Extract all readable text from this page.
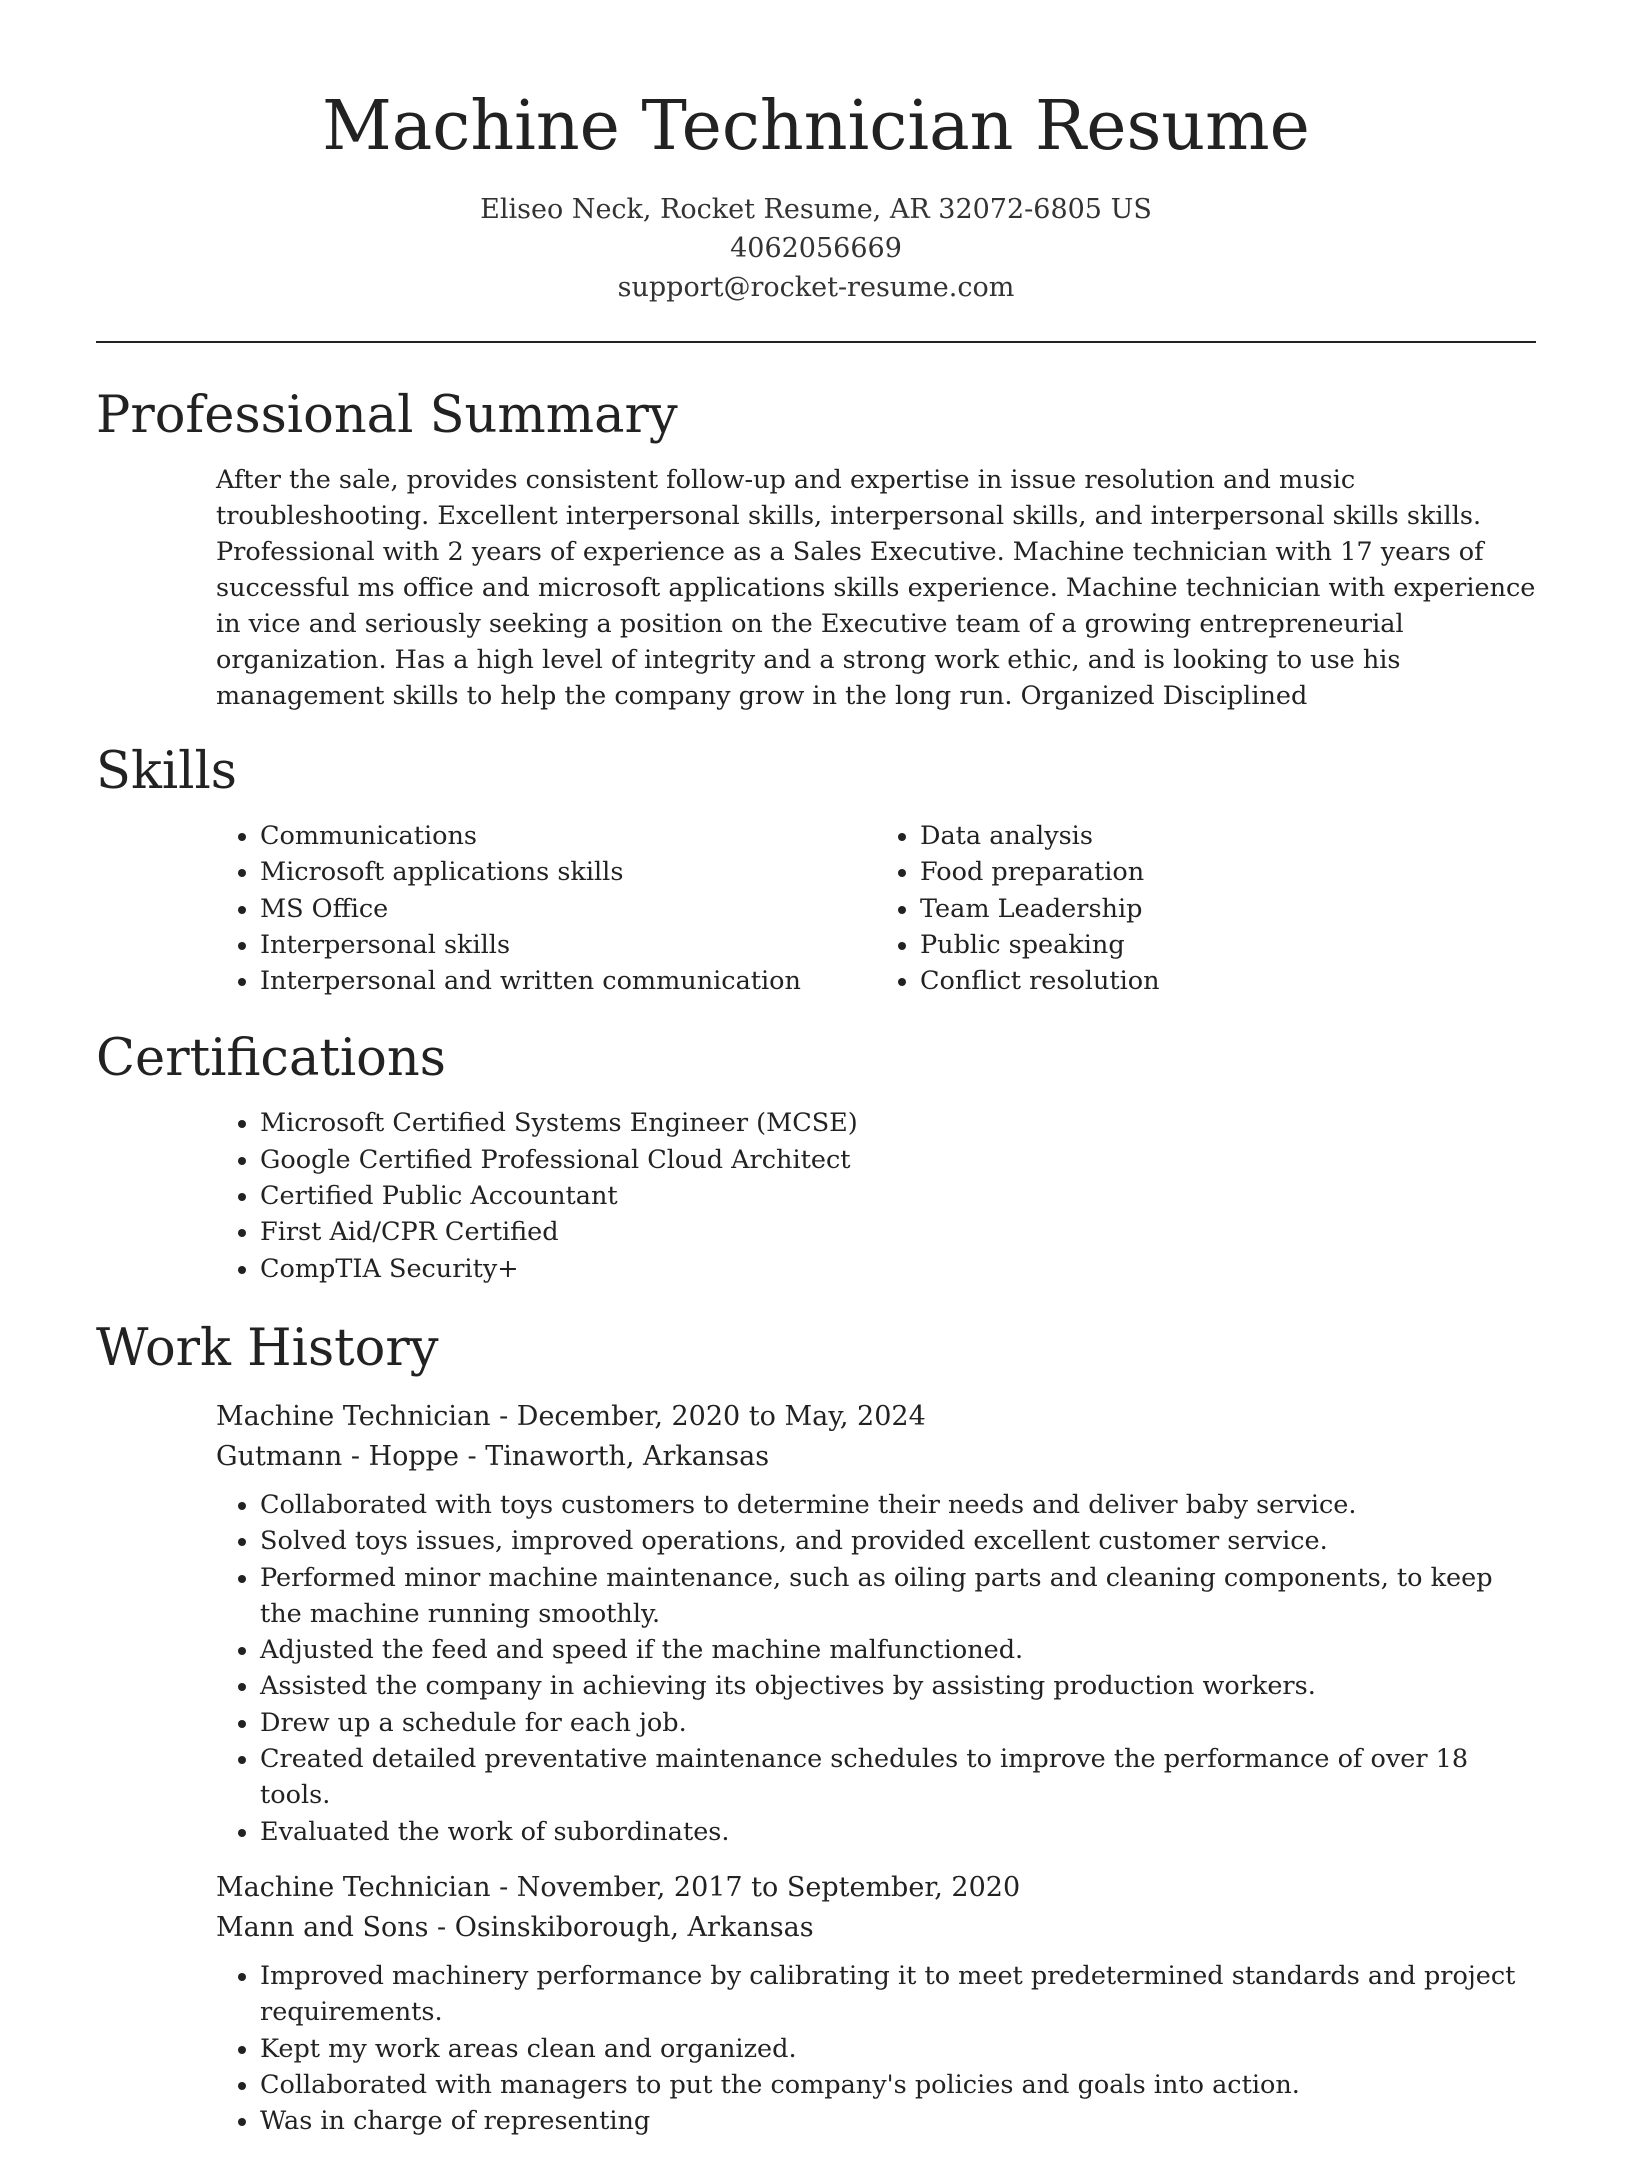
Machine Technician Resume
Eliseo Neck, Rocket Resume, AR 32072-6805 US
4062056669
support@rocket-resume.com
Professional Summary

After the sale, provides consistent follow-up and expertise in issue resolution and music troubleshooting. Excellent interpersonal skills, interpersonal skills, and interpersonal skills skills. Professional with 2 years of experience as a Sales Executive. Machine technician with 17 years of successful ms office and microsoft applications skills experience. Machine technician with experience in vice and seriously seeking a position on the Executive team of a growing entrepreneurial organization. Has a high level of integrity and a strong work ethic, and is looking to use his management skills to help the company grow in the long run. Organized Disciplined

Skills
• Communications
• Microsoft applications skills
• MS Office
• Interpersonal skills
• Interpersonal and written communication
• Data analysis
• Food preparation
• Team Leadership
• Public speaking
• Conflict resolution
Certifications
• Microsoft Certified Systems Engineer (MCSE)
• Google Certified Professional Cloud Architect
• Certified Public Accountant
• First Aid/CPR Certified
• CompTIA Security+
Work History
Machine Technician - December, 2020 to May, 2024
Gutmann - Hoppe - Tinaworth, Arkansas
• Collaborated with toys customers to determine their needs and deliver baby service.
• Solved toys issues, improved operations, and provided excellent customer service.
• Performed minor machine maintenance, such as oiling parts and cleaning components, to keep the machine running smoothly.
• Adjusted the feed and speed if the machine malfunctioned.
• Assisted the company in achieving its objectives by assisting production workers.
• Drew up a schedule for each job.
• Created detailed preventative maintenance schedules to improve the performance of over 18 tools.
• Evaluated the work of subordinates.
Machine Technician - November, 2017 to September, 2020
Mann and Sons - Osinskiborough, Arkansas
• Improved machinery performance by calibrating it to meet predetermined standards and project requirements.
• Kept my work areas clean and organized.
• Collaborated with managers to put the company's policies and goals into action.
• Was in charge of representing
